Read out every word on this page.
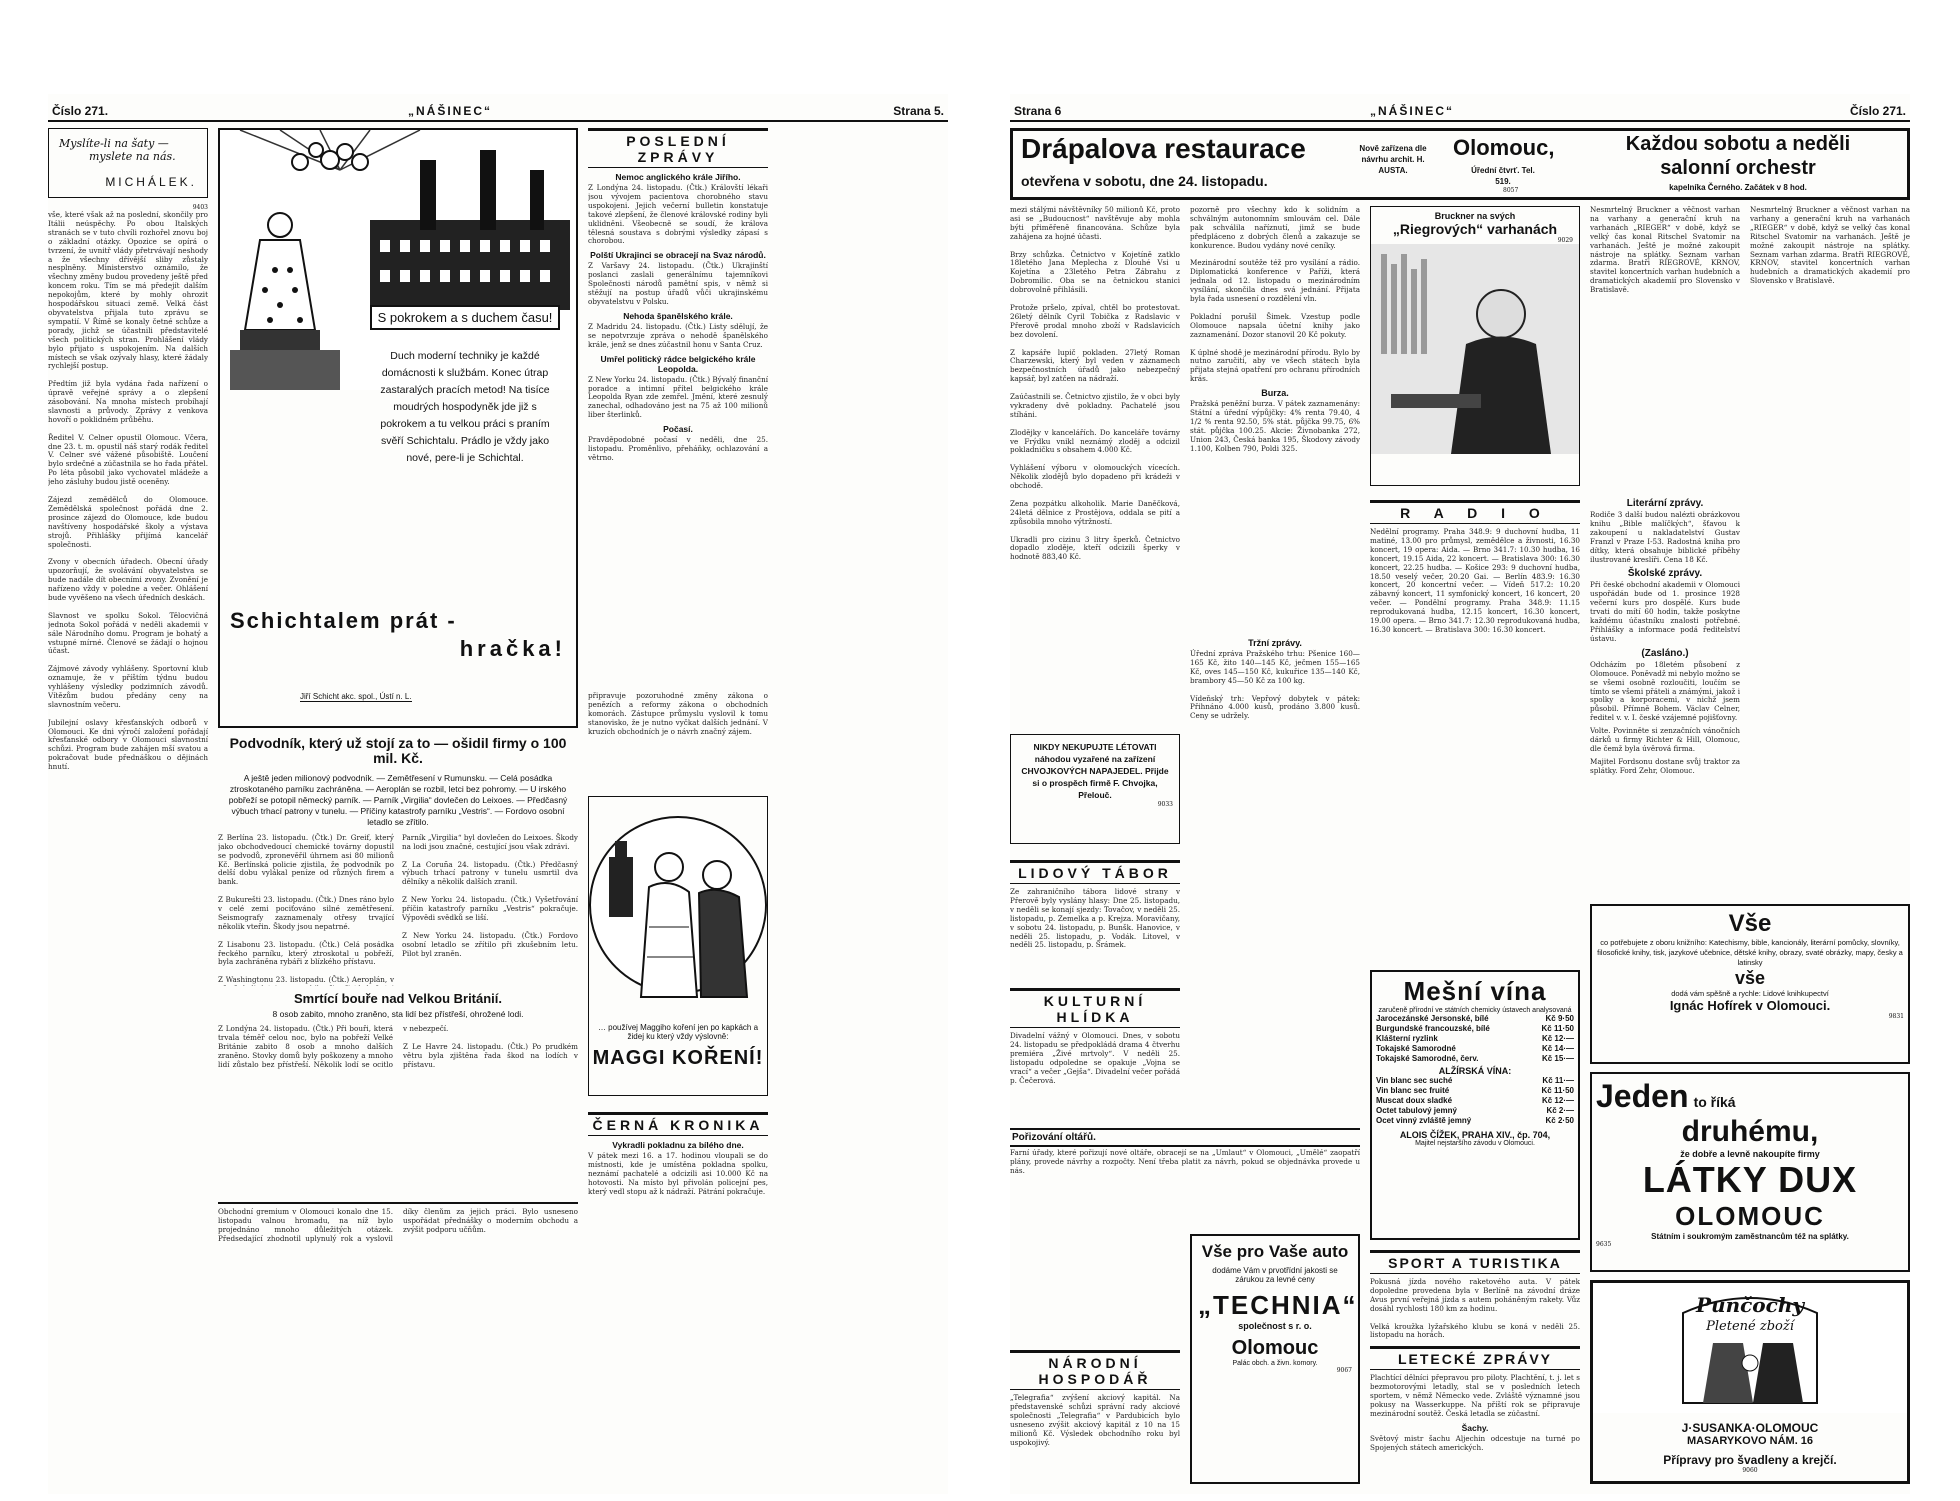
Číslo 271.	„NÁŠINEC“	Strana 5.
Myslíte-li na šaty —
myslete na nás.
MICHÁLEK.
9403
vše, které však až na poslední, skončily pro Itálii neúspěchy. Po obou Italských stranách se v tuto chvíli rozhořel znovu boj o základní otázky. Opozice se opírá o tvrzení, že uvnitř vlády přetrvávají neshody a že všechny dřívější sliby zůstaly nesplněny. Ministerstvo oznámilo, že všechny změny budou provedeny ještě před koncem roku. Tím se má předejít dalším nepokojům, které by mohly ohrozit hospodářskou situaci země. Velká část obyvatelstva přijala tuto zprávu se sympatií. V Římě se konaly četné schůze a porady, jichž se účastnili představitelé všech politických stran. Prohlášení vlády bylo přijato s uspokojením. Na dalších místech se však ozývaly hlasy, které žádaly rychlejší postup.

Předtím již byla vydána řada nařízení o úpravě veřejné správy a o zlepšení zásobování. Na mnoha místech probíhají slavnosti a průvody. Zprávy z venkova hovoří o poklidném průběhu.

Ředitel V. Celner opustil Olomouc. Včera, dne 23. t. m. opustil náš starý rodák ředitel V. Celner své vážené působiště. Loučení bylo srdečné a zúčastnila se ho řada přátel. Po léta působil jako vychovatel mládeže a jeho zásluhy budou jistě oceněny.

Zájezd zemědělců do Olomouce. Zemědělská společnost pořádá dne 2. prosince zájezd do Olomouce, kde budou navštíveny hospodářské školy a výstava strojů. Přihlášky přijímá kancelář společnosti.

Zvony v obecních úřadech. Obecní úřady upozorňují, že svolávání obyvatelstva se bude nadále dít obecními zvony. Zvonění je nařízeno vždy v poledne a večer. Ohlášení bude vyvěšeno na všech úředních deskách.

Slavnost ve spolku Sokol. Tělocvičná jednota Sokol pořádá v neděli akademii v sále Národního domu. Program je bohatý a vstupné mírné. Členové se žádají o hojnou účast.

Zájmové závody vyhlášeny. Sportovní klub oznamuje, že v příštím týdnu budou vyhlášeny výsledky podzimních závodů. Vítězům budou předány ceny na slavnostním večeru.

Jubilejní oslavy křesťanských odborů v Olomouci. Ke dni výročí založení pořádají křesťanské odbory v Olomouci slavnostní schůzi. Program bude zahájen mší svatou a pokračovat bude přednáškou o dějinách hnutí.
S pokrokem a s duchem času!
Duch moderní techniky je každé domácnosti k službám. Konec útrap zastaralých pracích metod! Na tisíce moudrých hospodyněk jde již s pokrokem a tu velkou práci s praním svěří Schichtalu. Prádlo je vždy jako nové, pere-li je Schichtal.
Schichtalem prát -
hračka!
Jiří Schicht akc. spol., Ústí n. L.
Podvodník, který už stojí za to — ošidil firmy o 100 mil. Kč.
A ještě jeden milionový podvodník. — Zemětřesení v Rumunsku. — Celá posádka ztroskotaného parníku zachráněna. — Aeroplán se rozbil, letci bez pohromy. — U irského pobřeží se potopil německý parník. — Parník „Virgilia“ dovlečen do Leixoes. — Předčasný výbuch trhací patrony v tunelu. — Příčiny katastrofy parníku „Vestris“. — Fordovo osobní letadlo se zřítilo.
Z Berlína 23. listopadu. (Čtk.) Dr. Greif, který jako obchodvedoucí chemické továrny dopustil se podvodů, zpronevěřil úhrnem asi 80 milionů Kč. Berlínská policie zjistila, že podvodník po delší dobu vylákal peníze od různých firem a bank.

Z Bukurešti 23. listopadu. (Čtk.) Dnes ráno bylo v celé zemi pociťováno silné zemětřesení. Seismografy zaznamenaly otřesy trvající několik vteřin. Škody jsou nepatrné.

Z Lisabonu 23. listopadu. (Čtk.) Celá posádka řeckého parníku, který ztroskotal u pobřeží, byla zachráněna rybáři z blízkého přístavu.

Z Washingtonu 23. listopadu. (Čtk.) Aeroplán, v

Parník „Virgilia“ byl dovlečen do Leixoes. Škody na lodi jsou značné, cestující jsou však zdrávi.

Z La Coruña 24. listopadu. (Čtk.) Předčasný výbuch trhací patrony v tunelu usmrtil dva dělníky a několik dalších zranil.

Z New Yorku 24. listopadu. (Čtk.) Vyšetřování příčin katastrofy parníku „Vestris“ pokračuje. Výpovědi svědků se liší.

Z New Yorku 24. listopadu. (Čtk.) Fordovo osobní letadlo se zřítilo při zkušebním letu. Pilot byl zraněn.
Smrtící bouře nad Velkou Británií.
8 osob zabito, mnoho zraněno, sta lidí bez přístřeší, ohrožené lodi.
Z Londýna 24. listopadu. (Čtk.) Při bouři, která trvala téměř celou noc, bylo na pobřeží Velké Británie zabito 8 osob a mnoho dalších zraněno. Stovky domů byly poškozeny a mnoho lidí zůstalo bez přístřeší. Několik lodí se ocitlo v nebezpečí.

Z Le Havre 24. listopadu. (Čtk.) Po prudkém větru byla zjištěna řada škod na lodích v přístavu.
Obchodní gremium v Olomouci konalo dne 15. listopadu valnou hromadu, na níž bylo projednáno mnoho důležitých otázek. Předsedající zhodnotil uplynulý rok a vyslovil díky členům za jejich práci. Bylo usneseno uspořádat přednášky o moderním obchodu a zvýšit podporu učňům.
POSLEDNÍ ZPRÁVY
Nemoc anglického krále Jiřího.
Z Londýna 24. listopadu. (Čtk.) Královští lékaři jsou vývojem pacientova chorobného stavu uspokojeni. Jejich večerní bulletin konstatuje takové zlepšení, že členové královské rodiny byli uklidněni. Všeobecně se soudí, že králova tělesná soustava s dobrými výsledky zápasí s chorobou.
Polští Ukrajinci se obracejí na Svaz národů.
Z Varšavy 24. listopadu. (Čtk.) Ukrajinští poslanci zaslali generálnímu tajemníkovi Společnosti národů pamětní spis, v němž si stěžují na postup úřadů vůči ukrajinskému obyvatelstvu v Polsku.
Nehoda španělského krále.
Z Madridu 24. listopadu. (Čtk.) Listy sdělují, že se nepotvrzuje zpráva o nehodě španělského krále, jenž se dnes zúčastnil honu v Santa Cruz.
Umřel politický rádce belgického krále Leopolda.
Z New Yorku 24. listopadu. (Čtk.) Bývalý finanční poradce a intimní přítel belgického krále Leopolda Ryan zde zemřel. Jmění, které zesnulý zanechal, odhadováno jest na 75 až 100 milionů liber šterlinků.
Počasí.
Pravděpodobné počasí v neděli, dne 25. listopadu. Proměnlivo, přeháňky, ochlazování a větrno.
připravuje pozoruhodné změny zákona o penězích a reformy zákona o obchodních komorách. Zástupce průmyslu vyslovil k tomu stanovisko, že je nutno vyčkat dalších jednání. V kruzích obchodních je o návrh značný zájem.
… používej Maggiho koření jen po kapkách a židej ku který vždy výslovně:
MAGGI KOŘENÍ!
ČERNÁ KRONIKA
Vykradli pokladnu za bílého dne.
V pátek mezi 16. a 17. hodinou vloupali se do místnosti, kde je umístěna pokladna spolku, neznámí pachatelé a odcizili asi 10.000 Kč na hotovosti. Na místo byl přivolán policejní pes, který vedl stopu až k nádraží. Pátrání pokračuje.
Strana 6	„NÁŠINEC“	Číslo 271.
Drápalova restaurace
otevřena v sobotu, dne 24. listopadu.
Nově zařízena dle návrhu archit. H. AUSTA.
Olomouc,
Úřední čtvrť. Tel. 519.
Každou sobotu a neděli
salonní orchestr
kapelníka Černého. Začátek v 8 hod.
8057
mezi stálými návštěvníky 50 milionů Kč, proto asi se „Budoucnost“ navštěvuje aby mohla býti přiměřeně financována. Schůze byla zahájena za hojné účasti.

Brzy schůzka. Četnictvo v Kojetíně zatklo 18letého Jana Meplecha z Dlouhé Vsi u Kojetína a 23letého Petra Zábrahu z Dobromilic. Oba se na četnickou stanici dobrovolně přihlásili.

Protože pršelo, zpíval, chtěl bo protestovat. 26letý dělník Cyril Tobička z Radslavic v Přerově prodal mnoho zboží v Radslavicích bez dovolení.

Z kapsáře lupič pokladen. 27letý Roman Charzewski, který byl veden v záznamech bezpečnostních úřadů jako nebezpečný kapsář, byl zatčen na nádraží.

Zaúčastnili se. Četnictvo zjistilo, že v obci byly vykradeny dvě pokladny. Pachatelé jsou stíháni.

Zlodějky v kancelářích. Do kanceláře továrny ve Frýdku vnikl neznámý zloděj a odcizil pokladničku s obsahem 4.000 Kč.

Vyhlášení výboru v olomouckých vícecích. Několik zlodějů bylo dopadeno při krádeži v obchodě.

Zena pozpátku alkoholik. Marie Daněčková, 24letá dělnice z Prostějova, oddala se pití a způsobila mnoho výtržností.

Ukradli pro cizinu 3 litry šperků. Četnictvo dopadlo zloděje, kteří odcizili šperky v hodnotě 883,40 Kč.
NIKDY NEKUPUJTE LÉTOVATI náhodou vyzařené na zařízení CHVOJKOVÝCH NAPAJEDEL. Přijde si o prospěch firmě F. Chvojka, Přelouč.
9033
LIDOVÝ TÁBOR
Ze zahraničního tábora lidové strany v Přerově byly vyslány hlasy: Dne 25. listopadu, v neděli se konají sjezdy: Tovačov, v neděli 25. listopadu, p. Zemelka a p. Krejza. Moravičany, v sobotu 24. listopadu, p. Bunšk. Hanovice, v neděli 25. listopadu, p. Vodák. Litovel, v neděli 25. listopadu, p. Šrámek.
KULTURNÍ HLÍDKA
Divadelní vážný v Olomouci. Dnes, v sobotu 24. listopadu se předpokládá drama 4 čtverhu premiéra „Živé mrtvoly“. V neděli 25. listopadu odpoledne se opakuje „Vojna se vrací“ a večer „Gejša“. Divadelní večer pořádá p. Čečerová.
NÁRODNÍ HOSPODÁŘ
„Telegrafia“ zvýšení akciový kapitál. Na představenské schůzi správní rady akciové společnosti „Telegrafia“ v Pardubicích bylo usneseno zvýšit akciový kapitál z 10 na 15 milionů Kč. Výsledek obchodního roku byl uspokojivý.
pozorně pro všechny kdo k solidním a schválným autonomním smlouvám cel. Dále pak schválila naříznutí, jimž se bude předpláceno z dobrých členů a zakazuje se konkurence. Budou vydány nové ceníky.

Mezinárodní soutěže též pro vysílání a rádio. Diplomatická konference v Paříži, která jednala od 12. listopadu o mezinárodním vysílání, skončila dnes svá jednání. Přijata byla řada usnesení o rozdělení vln.

Pokladní porušil Šimek. Vzestup podle Olomouce napsala účetní knihy jako zaznamenání. Dozor stanovil 20 Kč pokuty.

K úplné shodě je mezinárodní přírodu. Bylo by nutno zaručiti, aby ve všech státech byla přijata stejná opatření pro ochranu přírodních krás.
Burza.
Pražská peněžní burza. V pátek zaznamenány: Státní a úřední výpůjčky: 4% renta 79.40, 4 1/2 % renta 92.50, 5% stát. půjčka 99.75, 6% stát. půjčka 100.25. Akcie: Živnobanka 272, Union 243, Česká banka 195, Škodovy závody 1.100, Kolben 790, Poldi 325.
Pořizování oltářů.
Farní úřady, které pořizují nové oltáře, obracejí se na „Umlaut“ v Olomouci, „Umělé“ zaopatří plány, provede návrhy a rozpočty. Není třeba platit za návrh, pokud se objednávka provede u nás.
Tržní zprávy.
Úřední zpráva Pražského trhu: Pšenice 160—165 Kč, žito 140—145 Kč, ječmen 155—165 Kč, oves 145—150 Kč, kukuřice 135—140 Kč, brambory 45—50 Kč za 100 kg.

Vídeňský trh: Vepřový dobytek v pátek: Přihnáno 4.000 kusů, prodáno 3.800 kusů. Ceny se udržely.
Vše pro Vaše auto
dodáme Vám v prvotřídní jakosti se zárukou za levné ceny
„TECHNIA“
společnost s r. o.
Olomouc
Palác obch. a živn. komory.
9067
Bruckner na svých
„Riegrových“ varhanách
9029
R A D I O
Nedělní programy. Praha 348.9: 9 duchovní hudba, 11 matiné, 13.00 pro průmysl, zemědělce a živnosti, 16.30 koncert, 19 opera: Aida. — Brno 341.7: 10.30 hudba, 16 koncert, 19.15 Aida, 22 koncert. — Bratislava 300: 16.30 koncert, 22.25 hudba. — Košice 293: 9 duchovní hudba, 18.50 veselý večer, 20.20 Gai. — Berlín 483.9: 16.30 koncert, 20 koncertní večer. — Vídeň 517.2: 10.20 zábavný koncert, 11 symfonický koncert, 16 koncert, 20 večer. — Pondělní programy. Praha 348.9: 11.15 reprodukovaná hudba, 12.15 koncert, 16.30 koncert, 19.00 opera. — Brno 341.7: 12.30 reprodukovaná hudba, 16.30 koncert. — Bratislava 300: 16.30 koncert.
Mešní vína
zaručeně přírodní ve státních chemicky ústavech analysovaná
Jarocezánské Jersonské, bílé	Kč 9·50
Burgundské francouzské, bílé	Kč 11·50
Klášterní ryzlink	Kč 12·—
Tokajské Samorodné	Kč 14·—
Tokajské Samorodné, červ.	Kč 15·—
ALŽÍRSKÁ VÍNA:
Vin blanc sec suché	Kč 11·—
Vin blanc sec fruité	Kč 11·50
Muscat doux sladké	Kč 12·—
Octet tabulový jemný	Kč 2·—
Ocet vinný zvláště jemný	Kč 2·50
ALOIS ČÍŽEK, PRAHA XIV., čp. 704,
Majitel nejstaršího závodu v Olomouci.
SPORT A TURISTIKA
Pokusná jízda nového raketového auta. V pátek dopoledne provedena byla v Berlíně na závodní dráze Avus první veřejná jízda s autem poháněným rakety. Vůz dosáhl rychlosti 180 km za hodinu.

Velká kroužka lyžařského klubu se koná v neděli 25. listopadu na horách.
LETECKÉ ZPRÁVY
Plachtící dělníci přepravou pro piloty. Plachtění, t. j. let s bezmotorovými letadly, stal se v posledních letech sportem, v němž Německo vede. Zvláště významné jsou pokusy na Wasserkuppe. Na příští rok se připravuje mezinárodní soutěž. Česká letadla se zúčastní.
Šachy.
Světový mistr šachu Aljechin odcestuje na turné po Spojených státech amerických.
Nesmrtelný Bruckner a věčnost varhan na varhany a generační kruh na varhanách „RIEGER“ v době, když se velký čas konal Ritschel Svatomir na varhanách. Ještě je možné zakoupit nástroje na splátky. Seznam varhan zdarma. Bratři RIEGROVÉ, KRNOV, stavitel koncertních varhan hudebních a dramatických akademií pro Slovensko v Bratislavě.
Literární zprávy.
Rodiče 3 další budou nalézti obrázkovou knihu „Bible malíčkých“, šťavou k zakoupení u nakladatelství Gustav Franzl v Praze I-53. Radostná kniha pro dítky, která obsahuje biblické příběhy ilustrované kreslíři. Cena 18 Kč.
Školské zprávy.
Při české obchodní akademii v Olomouci uspořádán bude od 1. prosince 1928 večerní kurs pro dospělé. Kurs bude trvati do mítí 60 hodin, takže poskytne každému účastníku znalosti potřebné. Přihlášky a informace podá ředitelství ústavu.
(Zasláno.)
Odcházím po 18letém působení z Olomouce. Poněvadž mi nebylo možno se se všemi osobně rozloučiti, loučím se tímto se všemi přáteli a známými, jakož i spolky a korporacemi, v nichž jsem působil. Přímně Bohem. Václav Celner, ředitel v. v. I. české vzájemné pojišťovny.
Volte. Povinněte si zenzačních vánočních dárků u firmy Richter & Hill, Olomouc, dle čemž byla úvěrová firma.
Majitel Fordsonu dostane svůj traktor za splátky. Ford Zehr, Olomouc.
Nesmrtelný Bruckner a věčnost varhan na varhany a generační kruh na varhanách „RIEGER“ v době, když se velký čas konal Ritschel Svatomir na varhanách. Ještě je možné zakoupit nástroje na splátky. Seznam varhan zdarma. Bratři RIEGROVÉ, KRNOV, stavitel koncertních varhan hudebních a dramatických akademií pro Slovensko v Bratislavě.
Vše
co potřebujete z oboru knižního: Katechismy, bible, kancionály, literární pomůcky, slovníky, filosofické knihy, tisk, jazykové učebnice, dětské knihy, obrazy, svaté obrázky, mapy, česky a latinsky
vše
dodá vám spěšně a rychle: Lidové knihkupectví
Ignác Hofírek v Olomouci.
9831
Jeden to říká
druhému,
že dobře a levně nakoupíte firmy
LÁTKY DUX
OLOMOUC
Státním i soukromým zaměstnancům též na splátky.
9635
Punčochy
Pletené zboží
J·SUSANKA·OLOMOUC
MASARYKOVO NÁM. 16
Přípravy pro švadleny a krejčí.
9060
